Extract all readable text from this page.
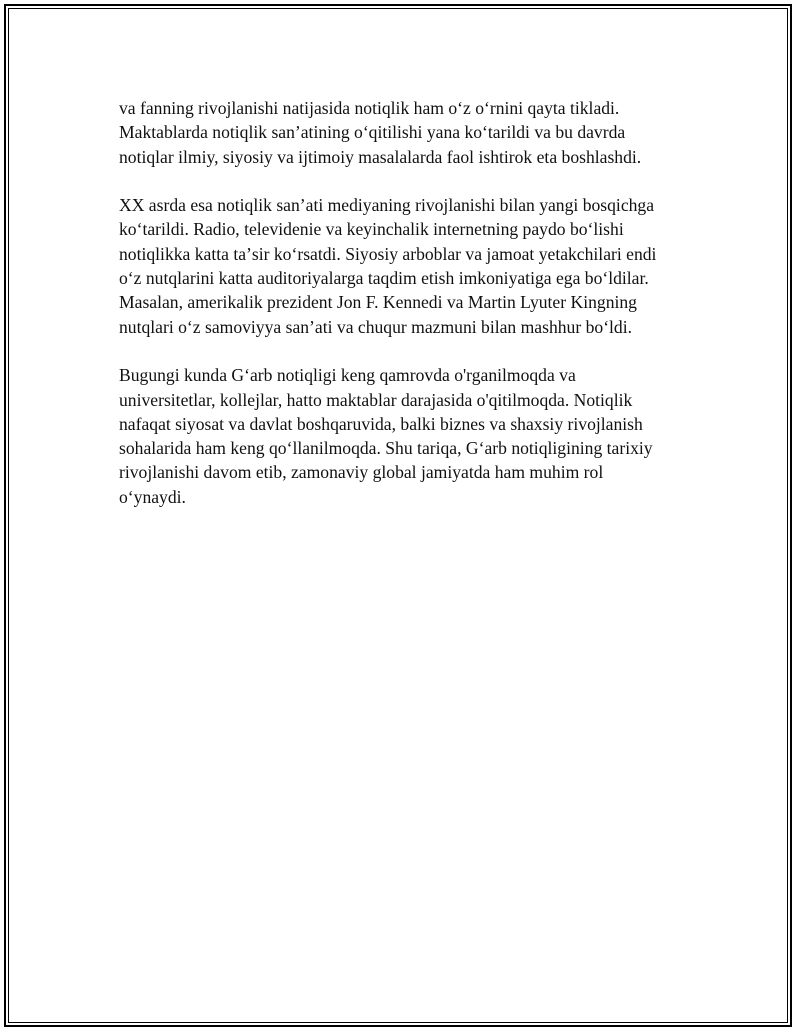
va fanning rivojlanishi natijasida notiqlik ham oʻz oʻrnini qayta tikladi.
Maktablarda notiqlik sanʼatining oʻqitilishi yana koʻtarildi va bu davrda
notiqlar ilmiy, siyosiy va ijtimoiy masalalarda faol ishtirok eta boshlashdi.

XX asrda esa notiqlik sanʼati mediyaning rivojlanishi bilan yangi bosqichga
koʻtarildi. Radio, televidenie va keyinchalik internetning paydo boʻlishi
notiqlikka katta taʼsir koʻrsatdi. Siyosiy arboblar va jamoat yetakchilari endi
oʻz nutqlarini katta auditoriyalarga taqdim etish imkoniyatiga ega boʻldilar.
Masalan, amerikalik prezident Jon F. Kennedi va Martin Lyuter Kingning
nutqlari oʻz samoviyya sanʼati va chuqur mazmuni bilan mashhur boʻldi.

Bugungi kunda Gʻarb notiqligi keng qamrovda o'rganilmoqda va
universitetlar, kollejlar, hatto maktablar darajasida o'qitilmoqda. Notiqlik
nafaqat siyosat va davlat boshqaruvida, balki biznes va shaxsiy rivojlanish
sohalarida ham keng qoʻllanilmoqda. Shu tariqa, Gʻarb notiqligining tarixiy
rivojlanishi davom etib, zamonaviy global jamiyatda ham muhim rol
oʻynaydi.
